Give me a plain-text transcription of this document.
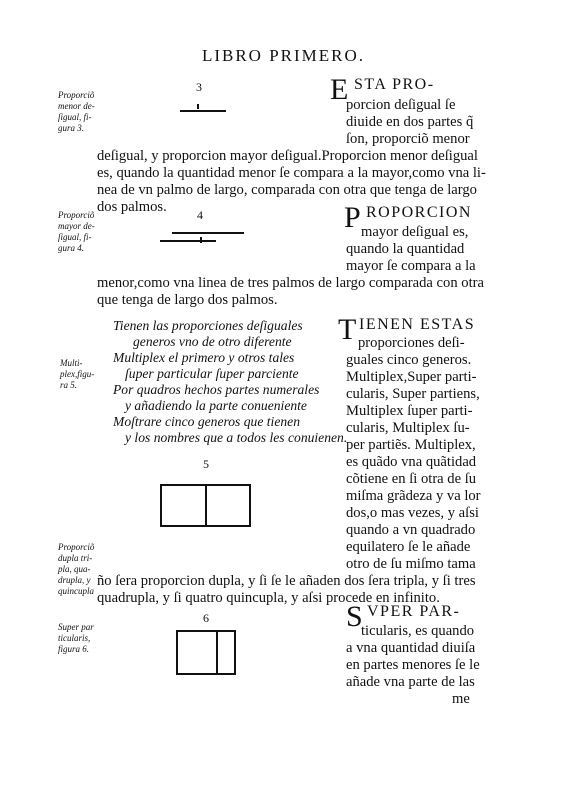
LIBRO PRIMERO.
Proporciõ
menor de-
ſigual, fi-
gura 3.
3	E STA PRO-
porcion deſigual ſe
diuide en dos partes q̃
ſon, proporciõ menor
deſigual, y proporcion mayor deſigual.Proporcion menor deſigual
es, quando la quantidad menor ſe compara a la mayor,como vna li-
nea de vn palmo de largo, comparada con otra que tenga de largo
dos palmos.
Proporciõ
mayor de-
ſigual, fi-
gura 4.
4	P ROPORCION
mayor deſigual es,
quando la quantidad
mayor ſe compara a la
menor,como vna linea de tres palmos de largo comparada con otra
que tenga de largo dos palmos.
Multi-
plex,figu-
ra 5.
Tienen las proporciones deſiguales
generos vno de otro diferente
Multiplex el primero y otros tales
ſuper particular ſuper parciente
Por quadros hechos partes numerales
y añadiendo la parte conueniente
Moſtrare cinco generos que tienen
y los nombres que a todos les conuienen.
5
Proporciõ
dupla tri-
pla, qua-
drupla, y
quincupla
T IENEN ESTAS
proporciones deſi-
guales cinco generos.
Multiplex,Super parti-
cularis, Super partiens,
Multiplex ſuper parti-
cularis, Multiplex ſu-
per partiẽs. Multiplex,
es quãdo vna quãtidad
cõtiene en ſi otra de ſu
miſma grãdeza y va lor
dos,o mas vezes, y aſsi
quando a vn quadrado
equilatero ſe le añade
otro de ſu miſmo tama
ño ſera proporcion dupla, y ſi ſe le añaden dos ſera tripla, y ſi tres
quadrupla, y ſi quatro quincupla, y aſsi procede en infinito.
Super par
ticularis,
figura 6.
6	S VPER PAR-
ticularis, es quando
a vna quantidad diuiſa
en partes menores ſe le
añade vna parte de las
me
